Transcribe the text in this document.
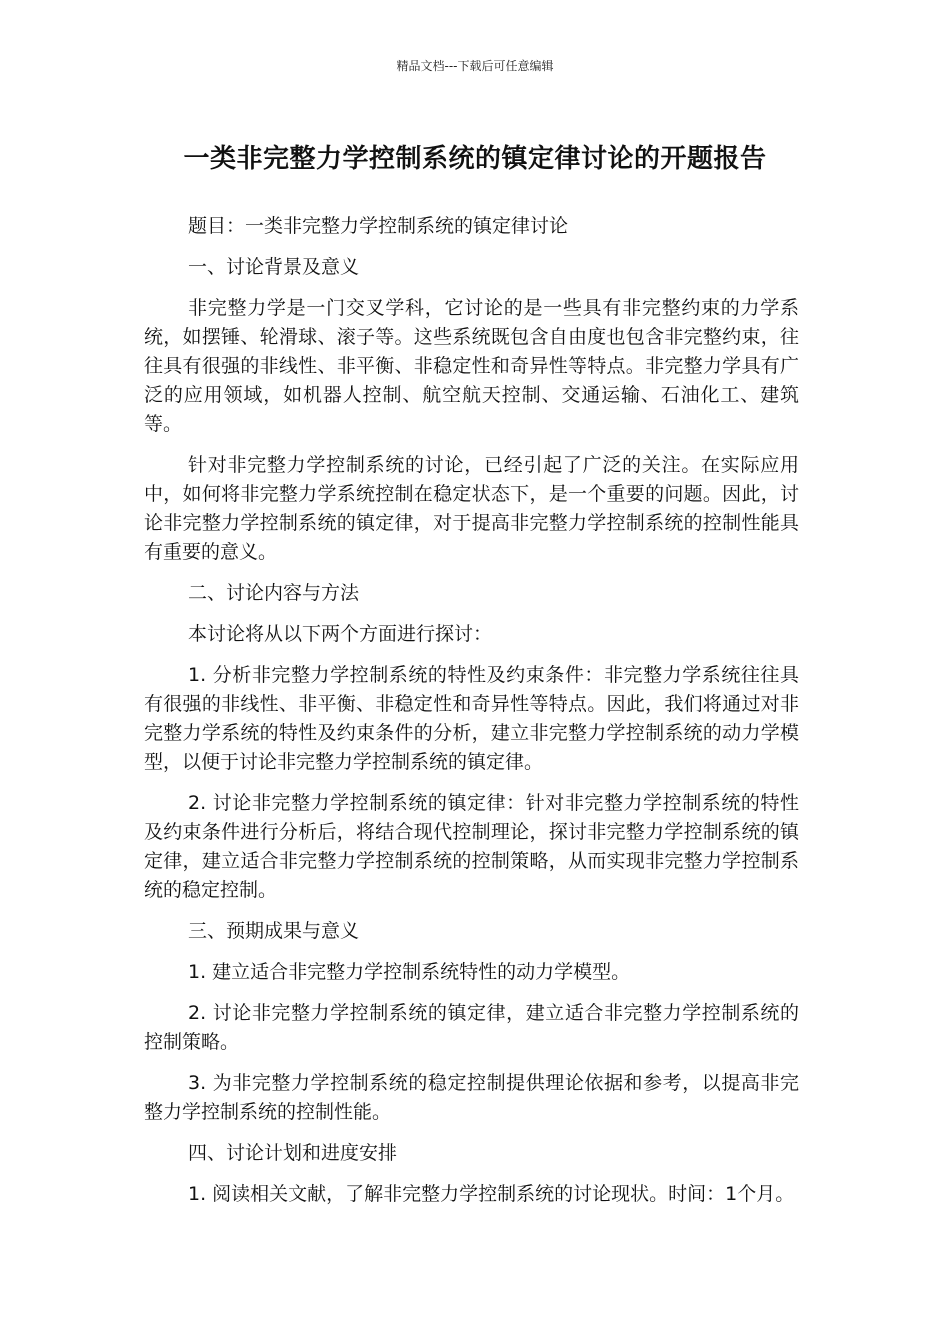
精品文档---下载后可任意编辑
一类非完整力学控制系统的镇定律讨论的开题报告

题目：一类非完整力学控制系统的镇定律讨论

一、讨论背景及意义

非完整力学是一门交叉学科，它讨论的是一些具有非完整约束的力学系统，如摆锤、轮滑球、滚子等。这些系统既包含自由度也包含非完整约束，往往具有很强的非线性、非平衡、非稳定性和奇异性等特点。非完整力学具有广泛的应用领域，如机器人控制、航空航天控制、交通运输、石油化工、建筑等。

针对非完整力学控制系统的讨论，已经引起了广泛的关注。在实际应用中，如何将非完整力学系统控制在稳定状态下，是一个重要的问题。因此，讨论非完整力学控制系统的镇定律，对于提高非完整力学控制系统的控制性能具有重要的意义。

二、讨论内容与方法

本讨论将从以下两个方面进行探讨：

1. 分析非完整力学控制系统的特性及约束条件：非完整力学系统往往具有很强的非线性、非平衡、非稳定性和奇异性等特点。因此，我们将通过对非完整力学系统的特性及约束条件的分析，建立非完整力学控制系统的动力学模型，以便于讨论非完整力学控制系统的镇定律。

2. 讨论非完整力学控制系统的镇定律：针对非完整力学控制系统的特性及约束条件进行分析后，将结合现代控制理论，探讨非完整力学控制系统的镇定律，建立适合非完整力学控制系统的控制策略，从而实现非完整力学控制系统的稳定控制。

三、预期成果与意义

1. 建立适合非完整力学控制系统特性的动力学模型。

2. 讨论非完整力学控制系统的镇定律，建立适合非完整力学控制系统的控制策略。

3. 为非完整力学控制系统的稳定控制提供理论依据和参考，以提高非完整力学控制系统的控制性能。

四、讨论计划和进度安排

1. 阅读相关文献，了解非完整力学控制系统的讨论现状。时间：1个月。
